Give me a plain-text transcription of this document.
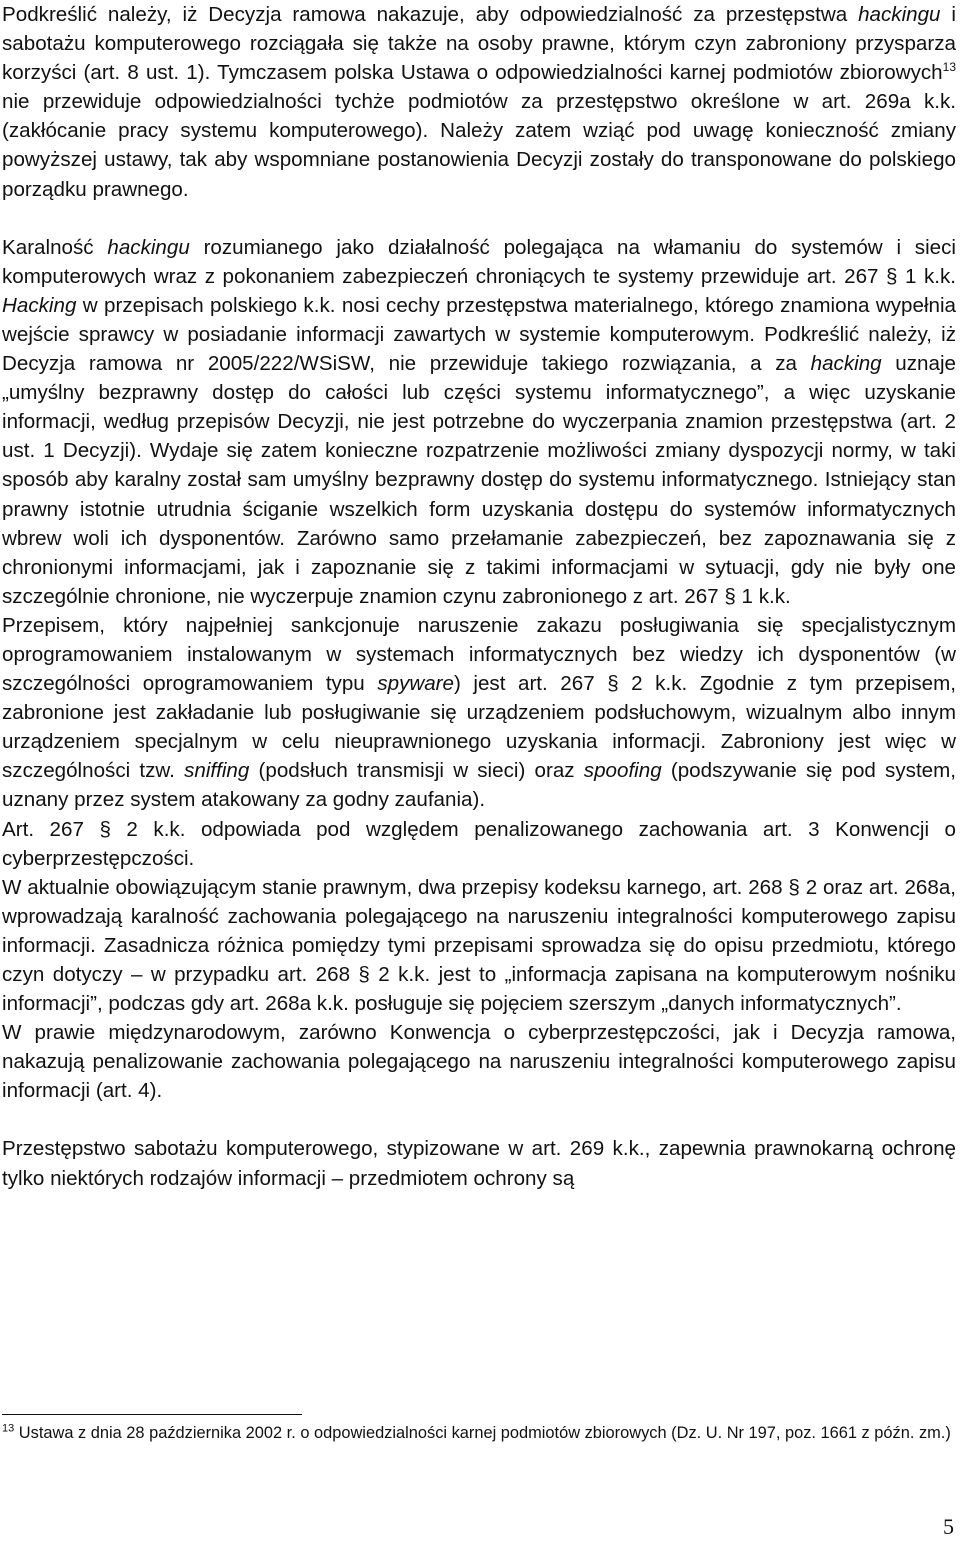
Podkreślić należy, iż Decyzja ramowa nakazuje, aby odpowiedzialność za przestępstwa hackingu i sabotażu komputerowego rozciągała się także na osoby prawne, którym czyn zabroniony przysparza korzyści (art. 8 ust. 1). Tymczasem polska Ustawa o odpowiedzialności karnej podmiotów zbiorowych$^{13}$ nie przewiduje odpowiedzialności tychże podmiotów za przestępstwo określone w art. 269a k.k. (zakłócanie pracy systemu komputerowego). Należy zatem wziąć pod uwagę konieczność zmiany powyższej ustawy, tak aby wspomniane postanowienia Decyzji zostały do transponowane do polskiego porządku prawnego.

Karalność hackingu rozumianego jako działalność polegająca na włamaniu do systemów i sieci komputerowych wraz z pokonaniem zabezpieczeń chroniących te systemy przewiduje art. 267 § 1 k.k. Hacking w przepisach polskiego k.k. nosi cechy przestępstwa materialnego, którego znamiona wypełnia wejście sprawcy w posiadanie informacji zawartych w systemie komputerowym. Podkreślić należy, iż Decyzja ramowa nr 2005/222/WSiSW, nie przewiduje takiego rozwiązania, a za hacking uznaje „umyślny bezprawny dostęp do całości lub części systemu informatycznego”, a więc uzyskanie informacji, według przepisów Decyzji, nie jest potrzebne do wyczerpania znamion przestępstwa (art. 2 ust. 1 Decyzji). Wydaje się zatem konieczne rozpatrzenie możliwości zmiany dyspozycji normy, w taki sposób aby karalny został sam umyślny bezprawny dostęp do systemu informatycznego. Istniejący stan prawny istotnie utrudnia ściganie wszelkich form uzyskania dostępu do systemów informatycznych wbrew woli ich dysponentów. Zarówno samo przełamanie zabezpieczeń, bez zapoznawania się z chronionymi informacjami, jak i zapoznanie się z takimi informacjami w sytuacji, gdy nie były one szczególnie chronione, nie wyczerpuje znamion czynu zabronionego z art. 267 § 1 k.k.

Przepisem, który najpełniej sankcjonuje naruszenie zakazu posługiwania się specjalistycznym oprogramowaniem instalowanym w systemach informatycznych bez wiedzy ich dysponentów (w szczególności oprogramowaniem typu spyware) jest art. 267 § 2 k.k. Zgodnie z tym przepisem, zabronione jest zakładanie lub posługiwanie się urządzeniem podsłuchowym, wizualnym albo innym urządzeniem specjalnym w celu nieuprawnionego uzyskania informacji. Zabroniony jest więc w szczególności tzw. sniffing (podsłuch transmisji w sieci) oraz spoofing (podszywanie się pod system, uznany przez system atakowany za godny zaufania).

Art. 267 § 2 k.k. odpowiada pod względem penalizowanego zachowania art. 3 Konwencji o cyberprzestępczości.

W aktualnie obowiązującym stanie prawnym, dwa przepisy kodeksu karnego, art. 268 § 2 oraz art. 268a, wprowadzają karalność zachowania polegającego na naruszeniu integralności komputerowego zapisu informacji. Zasadnicza różnica pomiędzy tymi przepisami sprowadza się do opisu przedmiotu, którego czyn dotyczy – w przypadku art. 268 § 2 k.k. jest to „informacja zapisana na komputerowym nośniku informacji”, podczas gdy art. 268a k.k. posługuje się pojęciem szerszym „danych informatycznych”.

W prawie międzynarodowym, zarówno Konwencja o cyberprzestępczości, jak i Decyzja ramowa, nakazują penalizowanie zachowania polegającego na naruszeniu integralności komputerowego zapisu informacji (art. 4).

Przestępstwo sabotażu komputerowego, stypizowane w art. 269 k.k., zapewnia prawnokarną ochronę tylko niektórych rodzajów informacji – przedmiotem ochrony są

$^{13}$ Ustawa z dnia 28 października 2002 r. o odpowiedzialności karnej podmiotów zbiorowych (Dz. U. Nr 197, poz. 1661 z późn. zm.)

5
